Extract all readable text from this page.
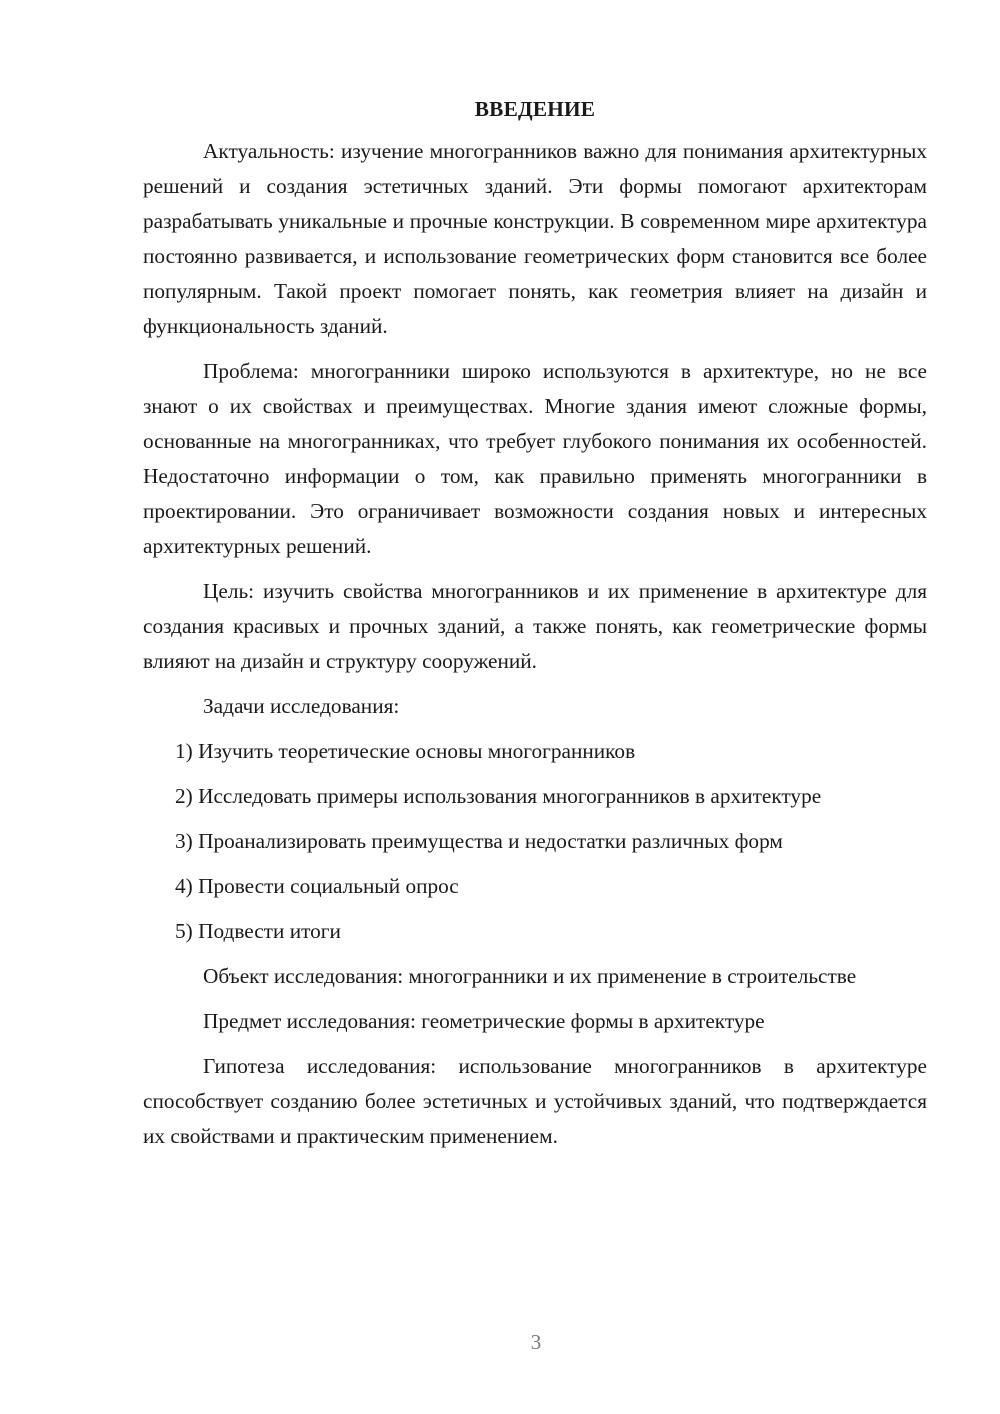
ВВЕДЕНИЕ

Актуальность: изучение многогранников важно для понимания архитектурных решений и создания эстетичных зданий. Эти формы помогают архитекторам разрабатывать уникальные и прочные конструкции. В современном мире архитектура постоянно развивается, и использование геометрических форм становится все более популярным. Такой проект помогает понять, как геометрия влияет на дизайн и функциональность зданий.

Проблема: многогранники широко используются в архитектуре, но не все знают о их свойствах и преимуществах. Многие здания имеют сложные формы, основанные на многогранниках, что требует глубокого понимания их особенностей. Недостаточно информации о том, как правильно применять многогранники в проектировании. Это ограничивает возможности создания новых и интересных архитектурных решений.

Цель: изучить свойства многогранников и их применение в архитектуре для создания красивых и прочных зданий, а также понять, как геометрические формы влияют на дизайн и структуру сооружений.

Задачи исследования:

1) Изучить теоретические основы многогранников

2) Исследовать примеры использования многогранников в архитектуре

3) Проанализировать преимущества и недостатки различных форм

4) Провести социальный опрос

5) Подвести итоги

Объект исследования: многогранники и их применение в строительстве

Предмет исследования: геометрические формы в архитектуре

Гипотеза исследования: использование многогранников в архитектуре способствует созданию более эстетичных и устойчивых зданий, что подтверждается их свойствами и практическим применением.

3
